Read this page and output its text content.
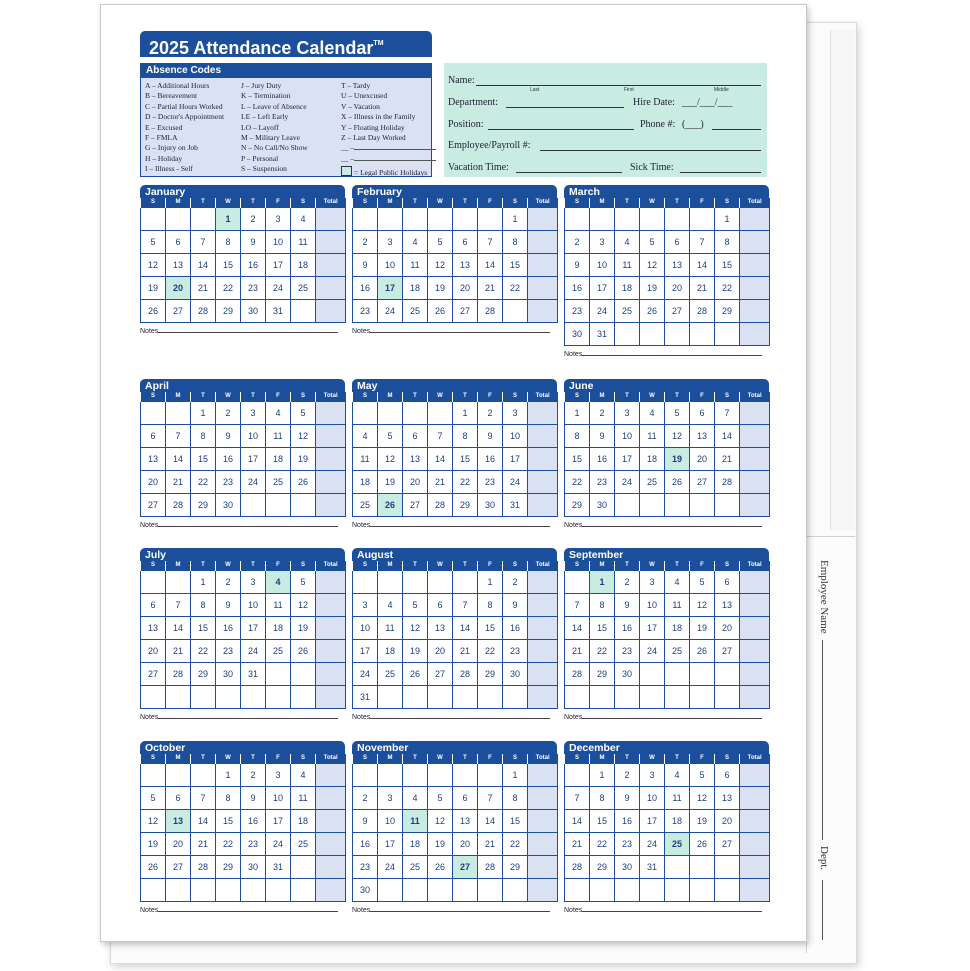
Employee Name
Dept.
2025 Attendance Calendar™
Absence Codes
A – Additional Hours
B – Bereavement
C – Partial Hours Worked
D – Doctor's Appointment
E – Excused
F – FMLA
G – Injury on Job
H – Holiday
I – Illness - Self
J – Jury Duty
K – Termination
L – Leave of Absence
LE – Left Early
LO – Layoff
M – Military Leave
N – No Call/No Show
P – Personal
S – Suspension
T – Tardy
U – Unexcused
V – Vacation
X – Illness in the Family
Y – Floating Holiday
Z – Last Day Worked
__ –
__ –
= Legal Public Holidays
Name:
Last	First	Middle
Department:	Hire Date: ___/___/___
Position:	Phone #: (___)
Employee/Payroll #:
Vacation Time:	Sick Time:
January
S	M	T	W	T	F	S	Total
			1	2	3	4	
5	6	7	8	9	10	11	
12	13	14	15	16	17	18	
19	20	21	22	23	24	25	
26	27	28	29	30	31		
Notes
February
S	M	T	W	T	F	S	Total
						1	
2	3	4	5	6	7	8	
9	10	11	12	13	14	15	
16	17	18	19	20	21	22	
23	24	25	26	27	28		
Notes
March
S	M	T	W	T	F	S	Total
						1	
2	3	4	5	6	7	8	
9	10	11	12	13	14	15	
16	17	18	19	20	21	22	
23	24	25	26	27	28	29	
30	31						
Notes
April
S	M	T	W	T	F	S	Total
		1	2	3	4	5	
6	7	8	9	10	11	12	
13	14	15	16	17	18	19	
20	21	22	23	24	25	26	
27	28	29	30				
Notes
May
S	M	T	W	T	F	S	Total
				1	2	3	
4	5	6	7	8	9	10	
11	12	13	14	15	16	17	
18	19	20	21	22	23	24	
25	26	27	28	29	30	31	
Notes
June
S	M	T	W	T	F	S	Total
1	2	3	4	5	6	7	
8	9	10	11	12	13	14	
15	16	17	18	19	20	21	
22	23	24	25	26	27	28	
29	30						
Notes
July
S	M	T	W	T	F	S	Total
		1	2	3	4	5	
6	7	8	9	10	11	12	
13	14	15	16	17	18	19	
20	21	22	23	24	25	26	
27	28	29	30	31			

Notes
August
S	M	T	W	T	F	S	Total
					1	2	
3	4	5	6	7	8	9	
10	11	12	13	14	15	16	
17	18	19	20	21	22	23	
24	25	26	27	28	29	30	
31							
Notes
September
S	M	T	W	T	F	S	Total
	1	2	3	4	5	6	
7	8	9	10	11	12	13	
14	15	16	17	18	19	20	
21	22	23	24	25	26	27	
28	29	30					

Notes
October
S	M	T	W	T	F	S	Total
			1	2	3	4	
5	6	7	8	9	10	11	
12	13	14	15	16	17	18	
19	20	21	22	23	24	25	
26	27	28	29	30	31		

Notes
November
S	M	T	W	T	F	S	Total
						1	
2	3	4	5	6	7	8	
9	10	11	12	13	14	15	
16	17	18	19	20	21	22	
23	24	25	26	27	28	29	
30							
Notes
December
S	M	T	W	T	F	S	Total
	1	2	3	4	5	6	
7	8	9	10	11	12	13	
14	15	16	17	18	19	20	
21	22	23	24	25	26	27	
28	29	30	31				

Notes
